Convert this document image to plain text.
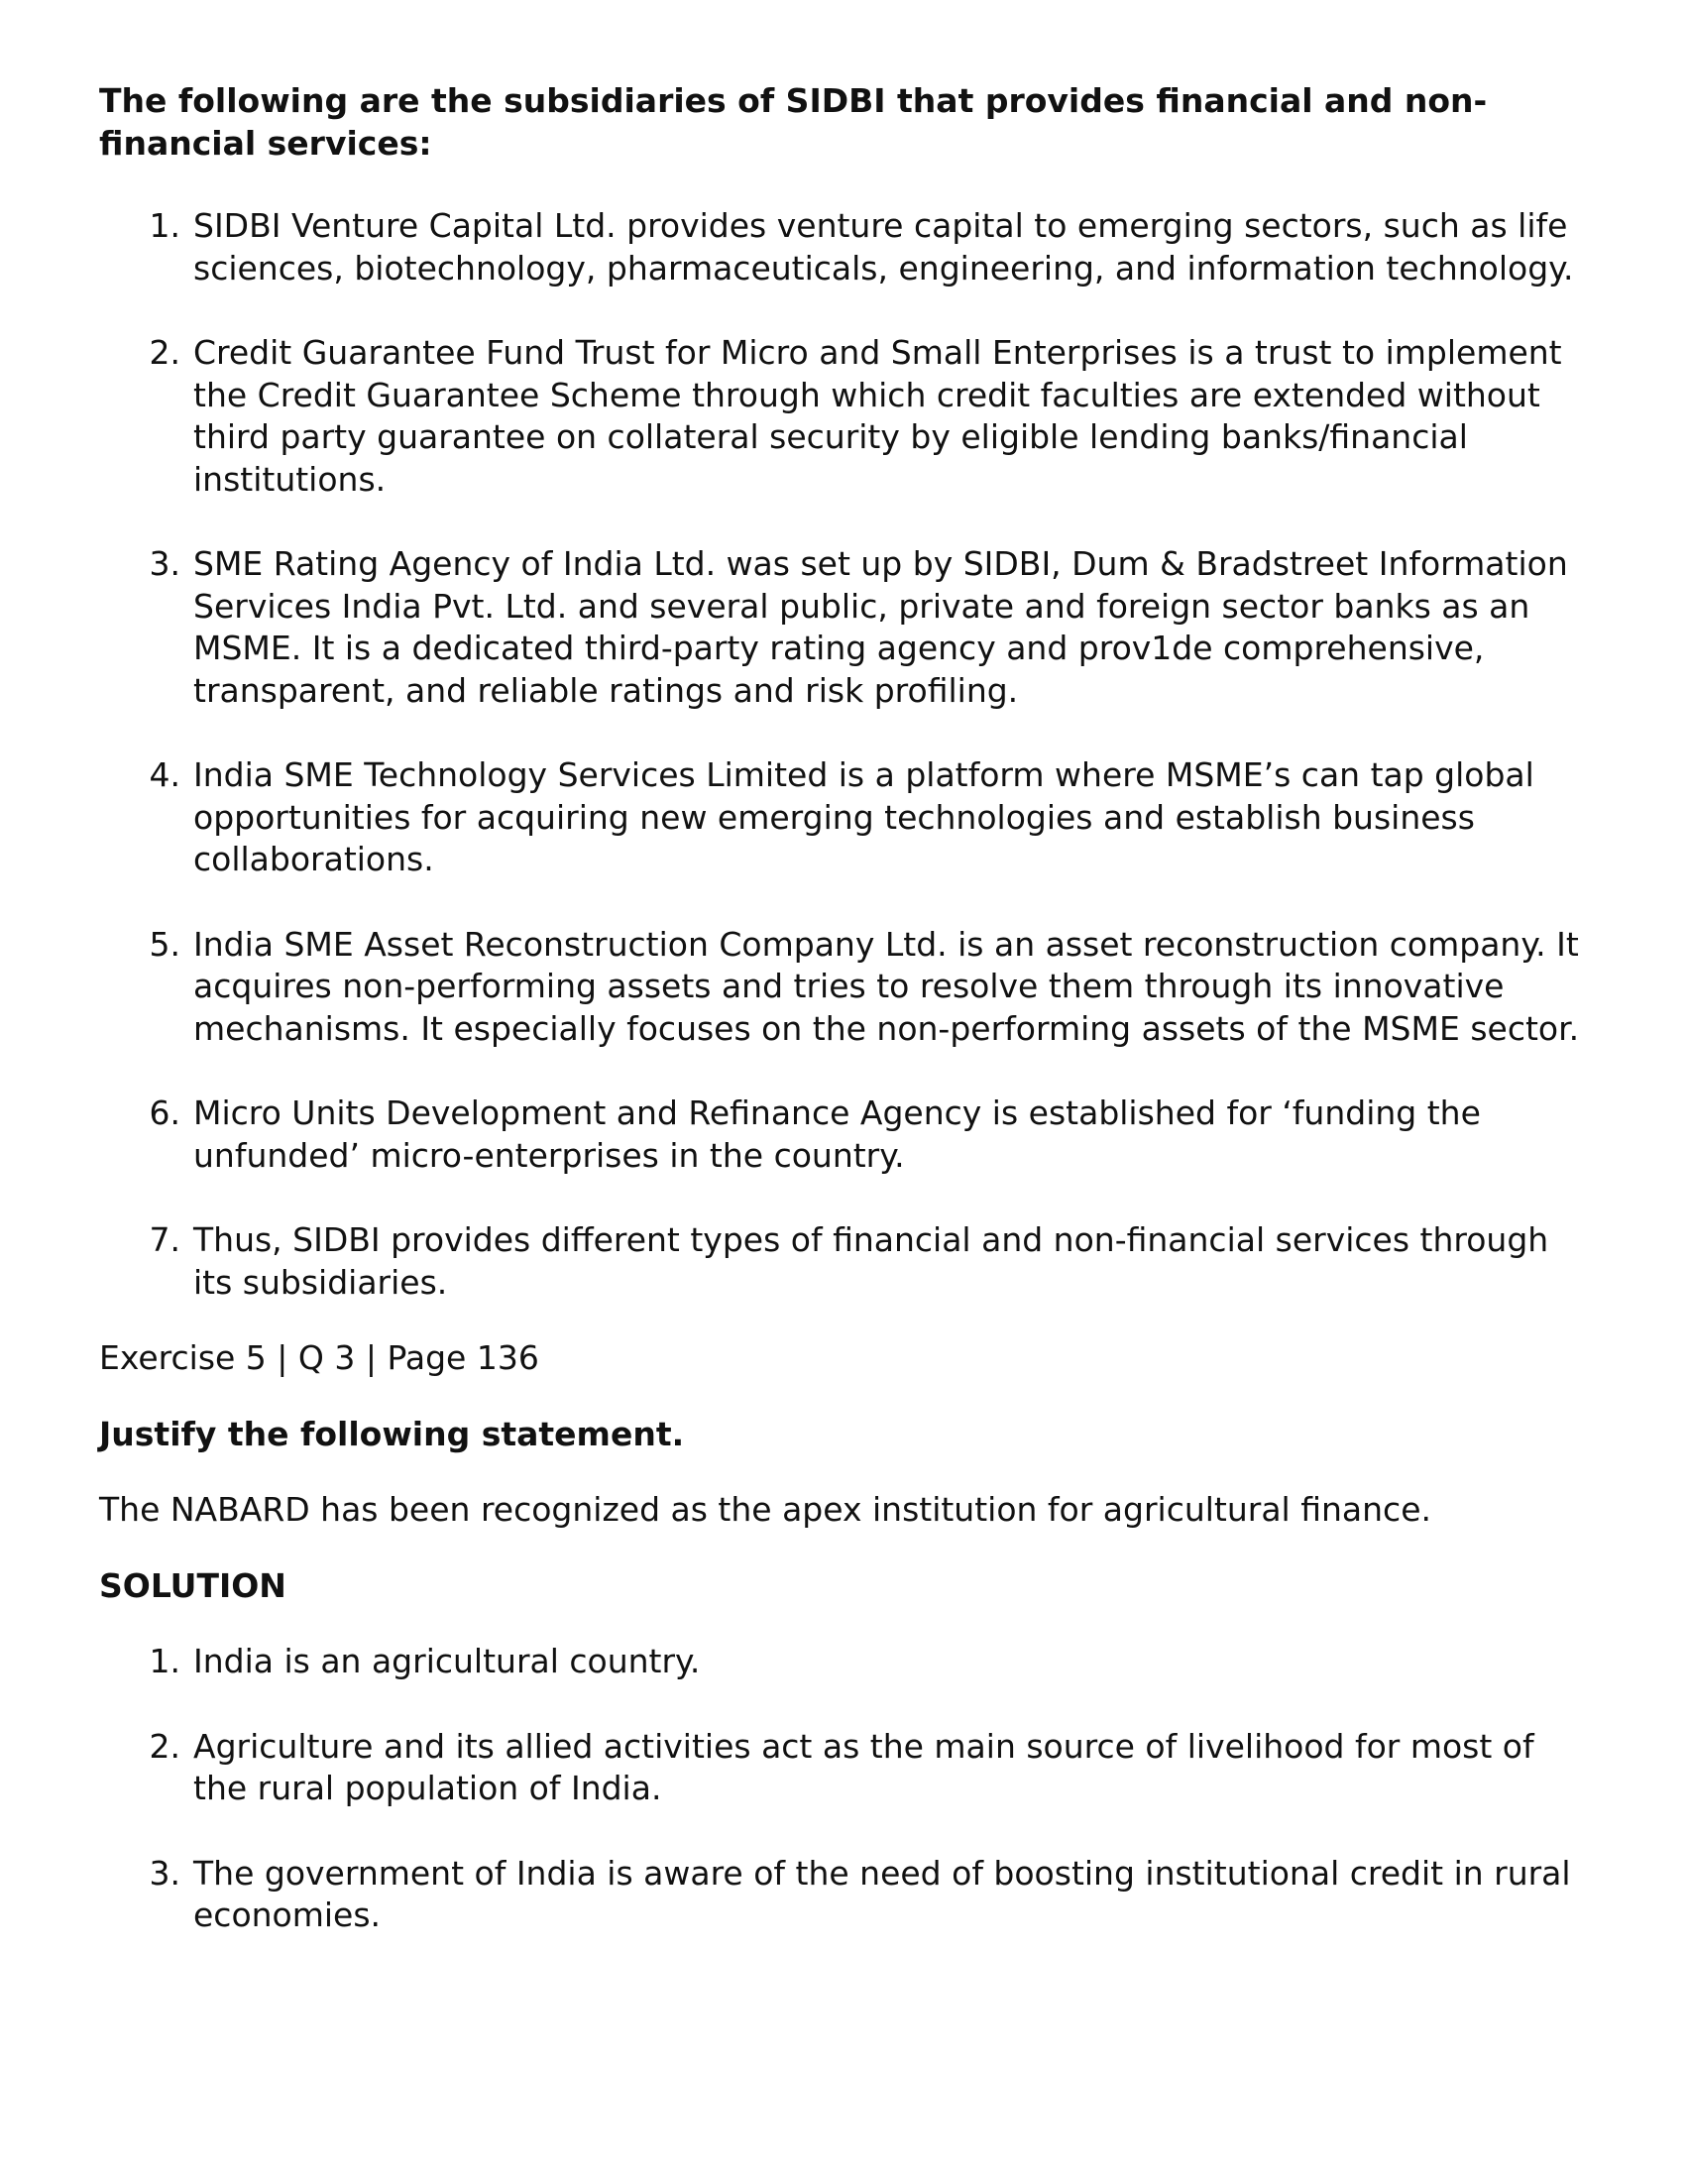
The following are the subsidiaries of SIDBI that provides financial and non-financial services:

1. SIDBI Venture Capital Ltd. provides venture capital to emerging sectors, such as life sciences, biotechnology, pharmaceuticals, engineering, and information technology.
2. Credit Guarantee Fund Trust for Micro and Small Enterprises is a trust to implement the Credit Guarantee Scheme through which credit faculties are extended without third party guarantee on collateral security by eligible lending banks/financial institutions.
3. SME Rating Agency of India Ltd. was set up by SIDBI, Dum & Bradstreet Information Services India Pvt. Ltd. and several public, private and foreign sector banks as an MSME. It is a dedicated third-party rating agency and prov1de comprehensive, transparent, and reliable ratings and risk profiling.
4. India SME Technology Services Limited is a platform where MSME’s can tap global opportunities for acquiring new emerging technologies and establish business collaborations.
5. India SME Asset Reconstruction Company Ltd. is an asset reconstruction company. It acquires non-performing assets and tries to resolve them through its innovative mechanisms. It especially focuses on the non-performing assets of the MSME sector.
6. Micro Units Development and Refinance Agency is established for ‘funding the unfunded’ micro-enterprises in the country.
7. Thus, SIDBI provides different types of financial and non-financial services through its subsidiaries.

Exercise 5 | Q 3 | Page 136

Justify the following statement.

The NABARD has been recognized as the apex institution for agricultural finance.

SOLUTION

1. India is an agricultural country.
2. Agriculture and its allied activities act as the main source of livelihood for most of the rural population of India.
3. The government of India is aware of the need of boosting institutional credit in rural economies.
